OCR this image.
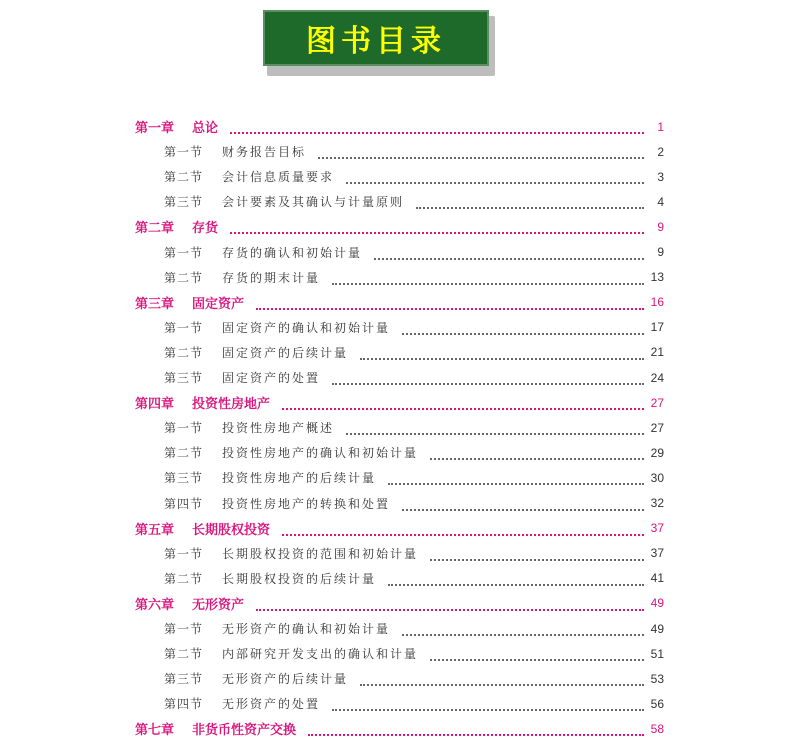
图书目录
第一章 总论	1
第一节 财务报告目标	2
第二节 会计信息质量要求	3
第三节 会计要素及其确认与计量原则	4
第二章 存货	9
第一节 存货的确认和初始计量	9
第二节 存货的期末计量	13
第三章 固定资产	16
第一节 固定资产的确认和初始计量	17
第二节 固定资产的后续计量	21
第三节 固定资产的处置	24
第四章 投资性房地产	27
第一节 投资性房地产概述	27
第二节 投资性房地产的确认和初始计量	29
第三节 投资性房地产的后续计量	30
第四节 投资性房地产的转换和处置	32
第五章 长期股权投资	37
第一节 长期股权投资的范围和初始计量	37
第二节 长期股权投资的后续计量	41
第六章 无形资产	49
第一节 无形资产的确认和初始计量	49
第二节 内部研究开发支出的确认和计量	51
第三节 无形资产的后续计量	53
第四节 无形资产的处置	56
第七章 非货币性资产交换	58
